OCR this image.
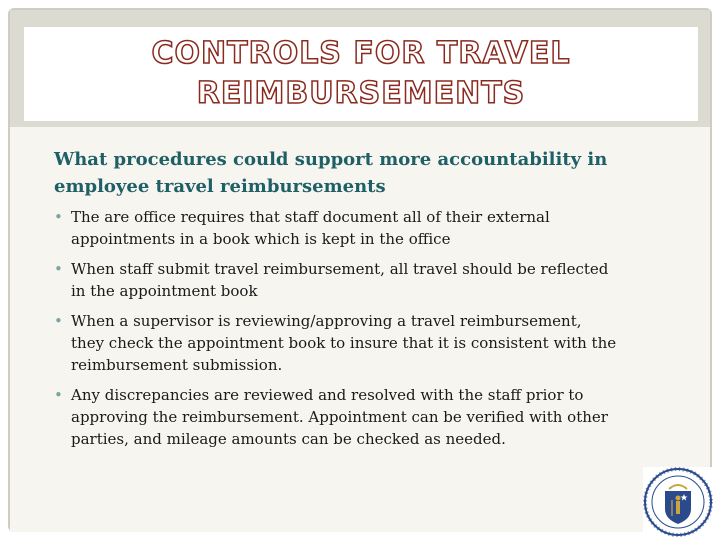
CONTROLS FOR TRAVEL
REIMBURSEMENTS
What procedures could support more accountability in
employee travel reimbursements
• The are office requires that staff document all of their external
appointments in a book which is kept in the office
• When staff submit travel reimbursement, all travel should be reflected
in the appointment book
• When a supervisor is reviewing/approving a travel reimbursement,
they check the appointment book to insure that it is consistent with the
reimbursement submission.
• Any discrepancies are reviewed and resolved with the staff prior to
approving the reimbursement. Appointment can be verified with other
parties, and mileage amounts can be checked as needed.
